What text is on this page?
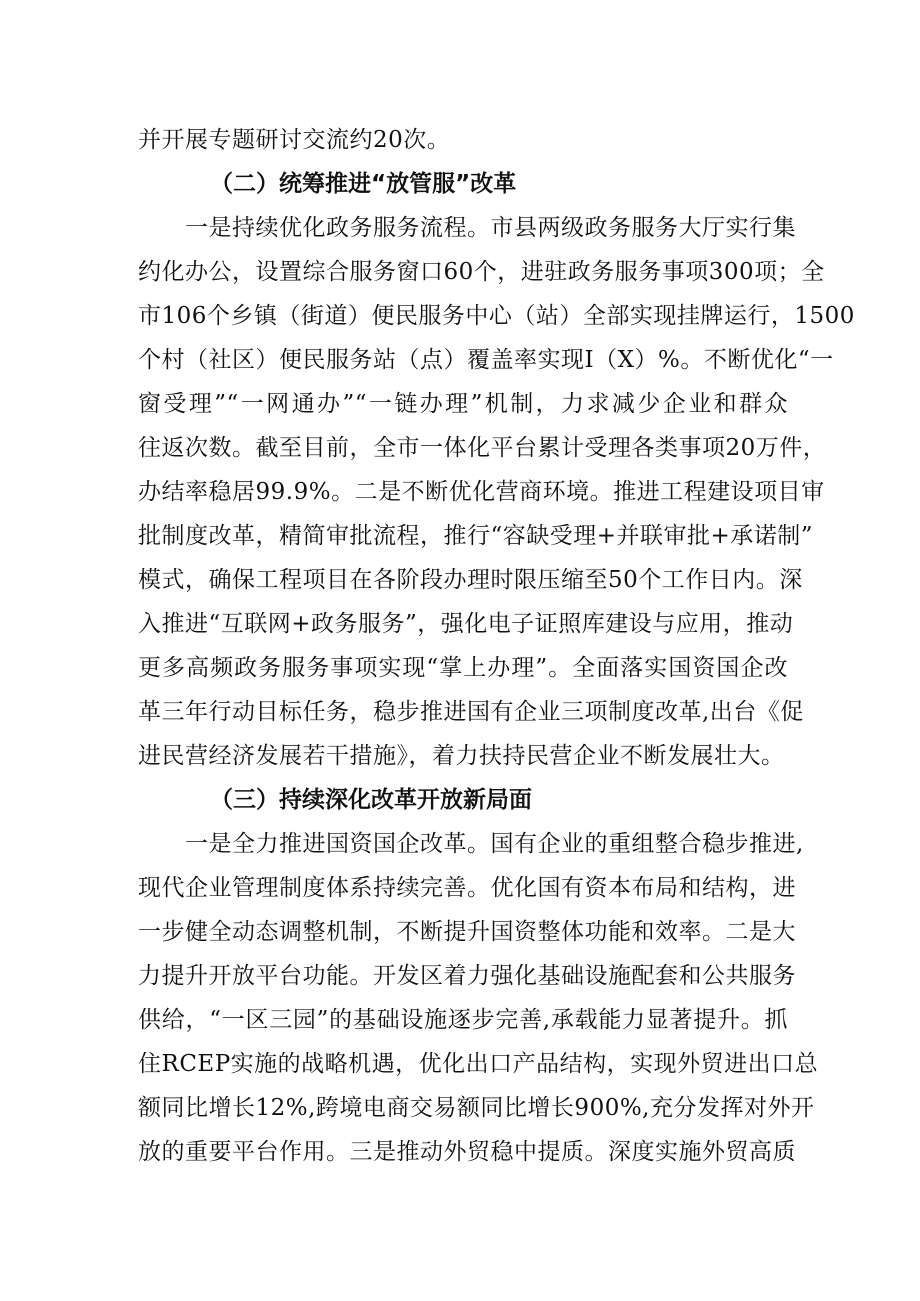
并开展专题研讨交流约20次。
（二）统筹推进“放管服”改革
一是持续优化政务服务流程。市县两级政务服务大厅实行集
约化办公，设置综合服务窗口60个，进驻政务服务事项300项；全
市106个乡镇（街道）便民服务中心（站）全部实现挂牌运行，1500
个村（社区）便民服务站（点）覆盖率实现I（X）%。不断优化“一
窗受理”“一网通办”“一链办理”机制，力求减少企业和群众
往返次数。截至目前，全市一体化平台累计受理各类事项20万件，
办结率稳居99.9%。二是不断优化营商环境。推进工程建设项目审
批制度改革，精简审批流程，推行“容缺受理+并联审批+承诺制”
模式，确保工程项目在各阶段办理时限压缩至50个工作日内。深
入推进“互联网+政务服务”，强化电子证照库建设与应用，推动
更多高频政务服务事项实现“掌上办理”。全面落实国资国企改
革三年行动目标任务，稳步推进国有企业三项制度改革,出台《促
进民营经济发展若干措施》，着力扶持民营企业不断发展壮大。
（三）持续深化改革开放新局面
一是全力推进国资国企改革。国有企业的重组整合稳步推进,
现代企业管理制度体系持续完善。优化国有资本布局和结构，进
一步健全动态调整机制，不断提升国资整体功能和效率。二是大
力提升开放平台功能。开发区着力强化基础设施配套和公共服务
供给，“一区三园”的基础设施逐步完善,承载能力显著提升。抓
住RCEP实施的战略机遇，优化出口产品结构，实现外贸进出口总
额同比增长12%,跨境电商交易额同比增长900%,充分发挥对外开
放的重要平台作用。三是推动外贸稳中提质。深度实施外贸高质
